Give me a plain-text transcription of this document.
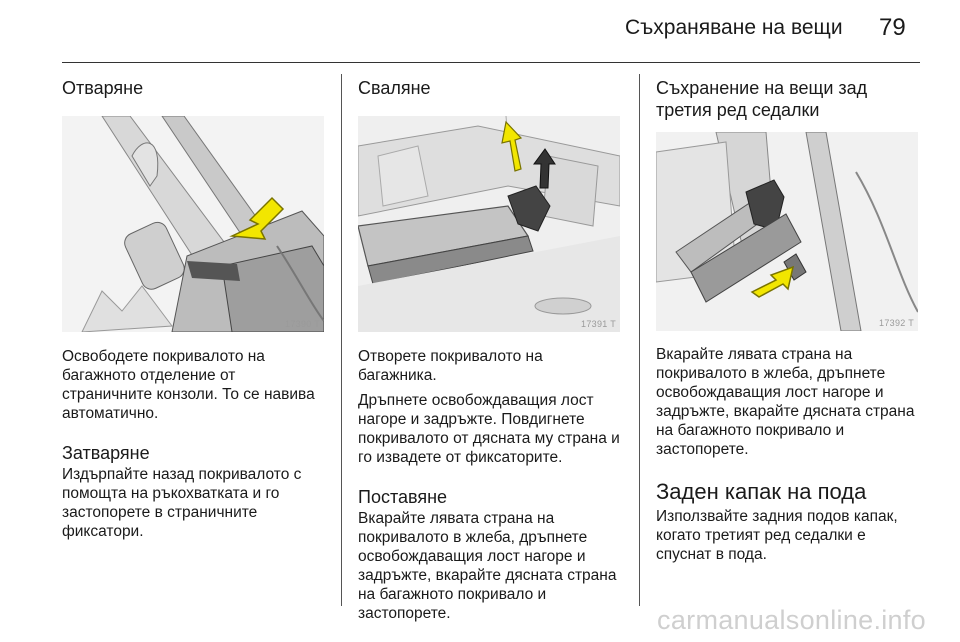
Съхраняване на вещи 79
Отваряне
17390 T

Освободете покривалото на багажното отделение от страничните конзоли. То се навива автоматично.

Затваряне

Издърпайте назад покривалото с помощта на ръкохватката и го застопорете в страничните фиксатори.

Сваляне
17391 T

Отворете покривалото на багажника.

Дръпнете освобождаващия лост нагоре и задръжте. Повдигнете покривалото от дясната му страна и го извадете от фиксаторите.

Поставяне

Вкарайте лявата страна на покривалото в жлеба, дръпнете освобождаващия лост нагоре и задръжте, вкарайте дясната страна на багажното покривало и застопорете.

Съхранение на вещи зад третия ред седалки
17392 T

Вкарайте лявата страна на покривалото в жлеба, дръпнете освобождаващия лост нагоре и задръжте, вкарайте дясната страна на багажното покривало и застопорете.

Заден капак на пода

Използвайте задния подов капак, когато третият ред седалки е спуснат в пода.

carmanualsonline.info
